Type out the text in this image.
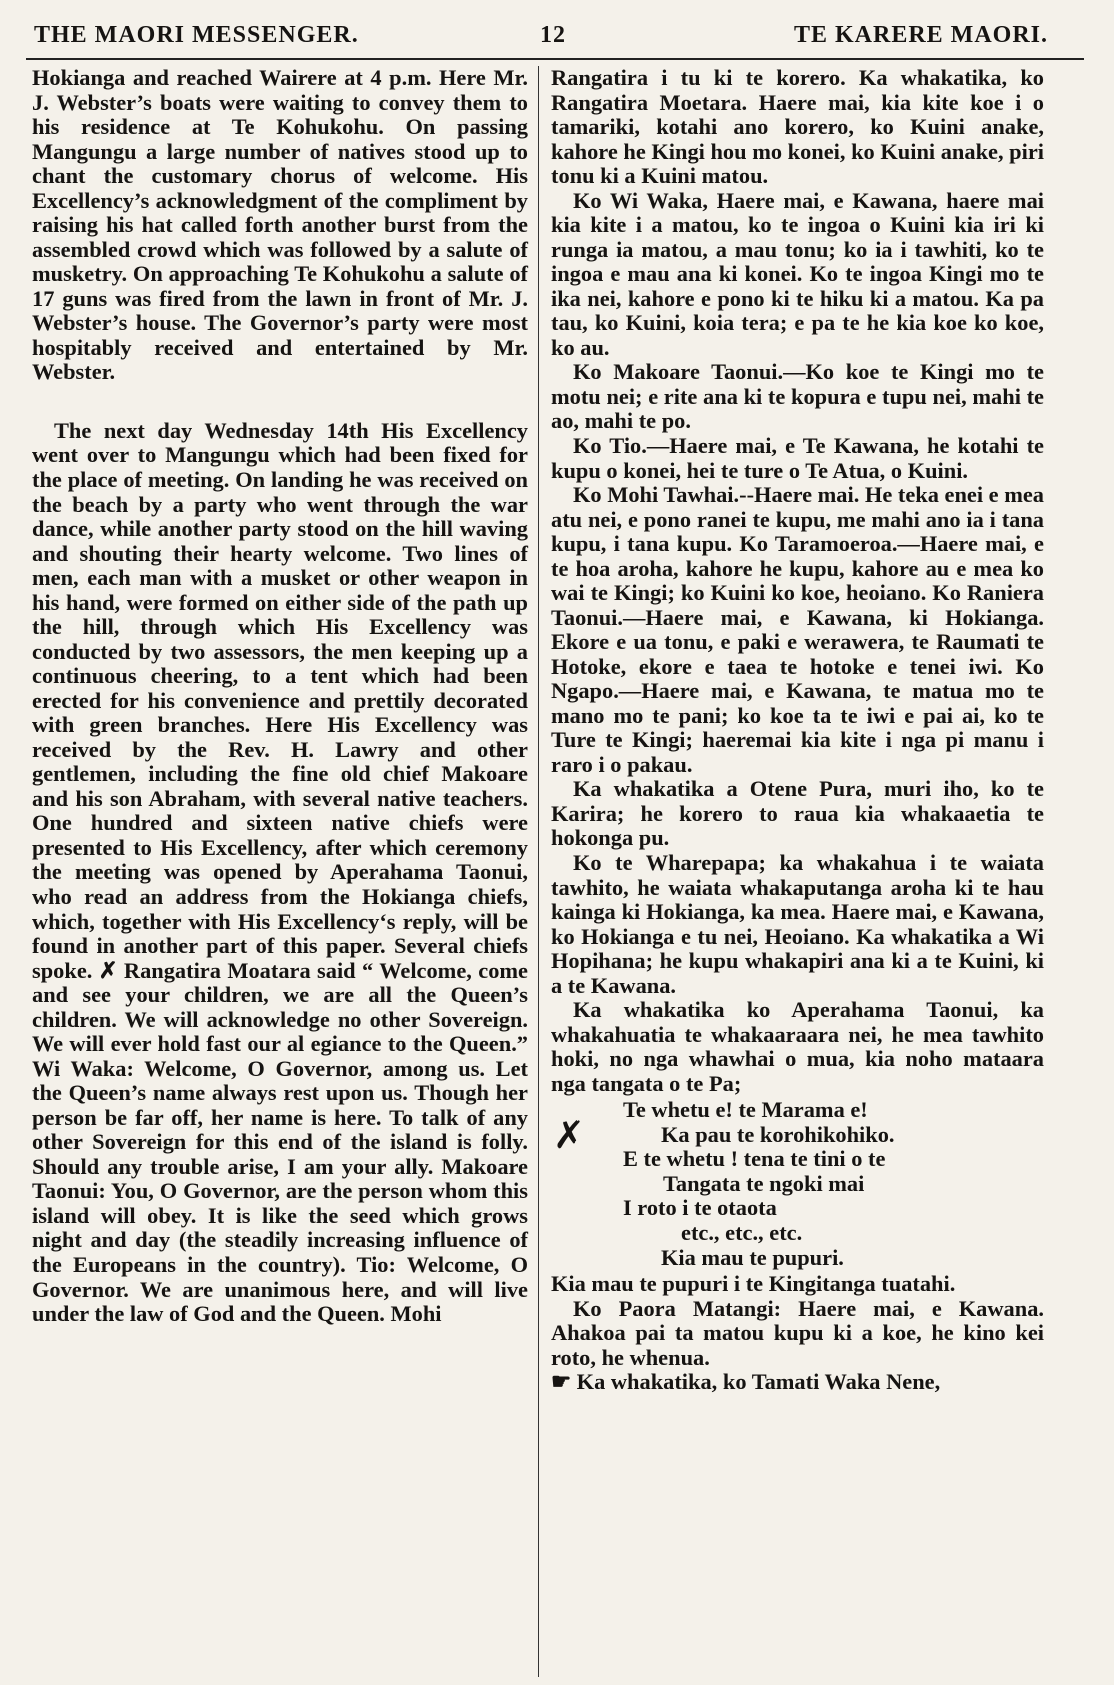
THE MAORI MESSENGER.	12	TE KARERE MAORI.

Hokianga and reached Wairere at 4 p.m. Here Mr. J. Webster’s boats were waiting to convey them to his residence at Te Kohukohu. On passing Mangungu a large number of natives stood up to chant the customary chorus of welcome. His Excellency’s acknowledgment of the compliment by raising his hat called forth another burst from the assembled crowd which was followed by a salute of musketry. On approaching Te Kohukohu a salute of 17 guns was fired from the lawn in front of Mr. J. Webster’s house. The Governor’s party were most hospitably received and entertained by Mr. Webster.

The next day Wednesday 14th His Excellency went over to Mangungu which had been fixed for the place of meeting. On landing he was received on the beach by a party who went through the war dance, while another party stood on the hill waving and shouting their hearty welcome. Two lines of men, each man with a musket or other weapon in his hand, were formed on either side of the path up the hill, through which His Excellency was conducted by two assessors, the men keeping up a continuous cheering, to a tent which had been erected for his convenience and prettily decorated with green branches. Here His Excellency was received by the Rev. H. Lawry and other gentlemen, including the fine old chief Makoare and his son Abraham, with several native teachers. One hundred and sixteen native chiefs were presented to His Excellency, after which ceremony the meeting was opened by Aperahama Taonui, who read an address from the Hokianga chiefs, which, together with His Excellency‘s reply, will be found in another part of this paper. Several chiefs spoke. ✗ Rangatira Moatara said “ Welcome, come and see your children, we are all the Queen’s children. We will acknowledge no other Sovereign. We will ever hold fast our al egiance to the Queen.” Wi Waka: Welcome, O Governor, among us. Let the Queen’s name always rest upon us. Though her person be far off, her name is here. To talk of any other Sovereign for this end of the island is folly. Should any trouble arise, I am your ally. Makoare Taonui: You, O Governor, are the person whom this island will obey. It is like the seed which grows night and day (the steadily increasing influence of the Europeans in the country). Tio: Welcome, O Governor. We are unanimous here, and will live under the law of God and the Queen. Mohi

Rangatira i tu ki te korero. Ka whakatika, ko Rangatira Moetara. Haere mai, kia kite koe i o tamariki, kotahi ano korero, ko Kuini anake, kahore he Kingi hou mo konei, ko Kuini anake, piri tonu ki a Kuini matou.

Ko Wi Waka, Haere mai, e Kawana, haere mai kia kite i a matou, ko te ingoa o Kuini kia iri ki runga ia matou, a mau tonu; ko ia i tawhiti, ko te ingoa e mau ana ki konei. Ko te ingoa Kingi mo te ika nei, kahore e pono ki te hiku ki a matou. Ka pa tau, ko Kuini, koia tera; e pa te he kia koe ko koe, ko au.

Ko Makoare Taonui.—Ko koe te Kingi mo te motu nei; e rite ana ki te kopura e tupu nei, mahi te ao, mahi te po.

Ko Tio.—Haere mai, e Te Kawana, he kotahi te kupu o konei, hei te ture o Te Atua, o Kuini.

Ko Mohi Tawhai.--Haere mai. He teka enei e mea atu nei, e pono ranei te kupu, me mahi ano ia i tana kupu, i tana kupu. Ko Taramoeroa.—Haere mai, e te hoa aroha, kahore he kupu, kahore au e mea ko wai te Kingi; ko Kuini ko koe, heoiano. Ko Raniera Taonui.—Haere mai, e Kawana, ki Hokianga. Ekore e ua tonu, e paki e werawera, te Raumati te Hotoke, ekore e taea te hotoke e tenei iwi. Ko Ngapo.—Haere mai, e Kawana, te matua mo te mano mo te pani; ko koe ta te iwi e pai ai, ko te Ture te Kingi; haeremai kia kite i nga pi manu i raro i o pakau.

Ka whakatika a Otene Pura, muri iho, ko te Karira; he korero to raua kia whakaaetia te hokonga pu.

Ko te Wharepapa; ka whakahua i te waiata tawhito, he waiata whakaputanga aroha ki te hau kainga ki Hokianga, ka mea. Haere mai, e Kawana, ko Hokianga e tu nei, Heoiano. Ka whakatika a Wi Hopihana; he kupu whakapiri ana ki a te Kuini, ki a te Kawana.

Ka whakatika ko Aperahama Taonui, ka whakahuatia te whakaaraara nei, he mea tawhito hoki, no nga whawhai o mua, kia noho mataara nga tangata o te Pa;

✗
Te whetu e! te Marama e!
Ka pau te korohikohiko.
E te whetu ! tena te tini o te
Tangata te ngoki mai
I roto i te otaota
etc., etc., etc.
Kia mau te pupuri.

Kia mau te pupuri i te Kingitanga tuatahi.

Ko Paora Matangi: Haere mai, e Kawana. Ahakoa pai ta matou kupu ki a koe, he kino kei roto, he whenua.

☛ Ka whakatika, ko Tamati Waka Nene,
